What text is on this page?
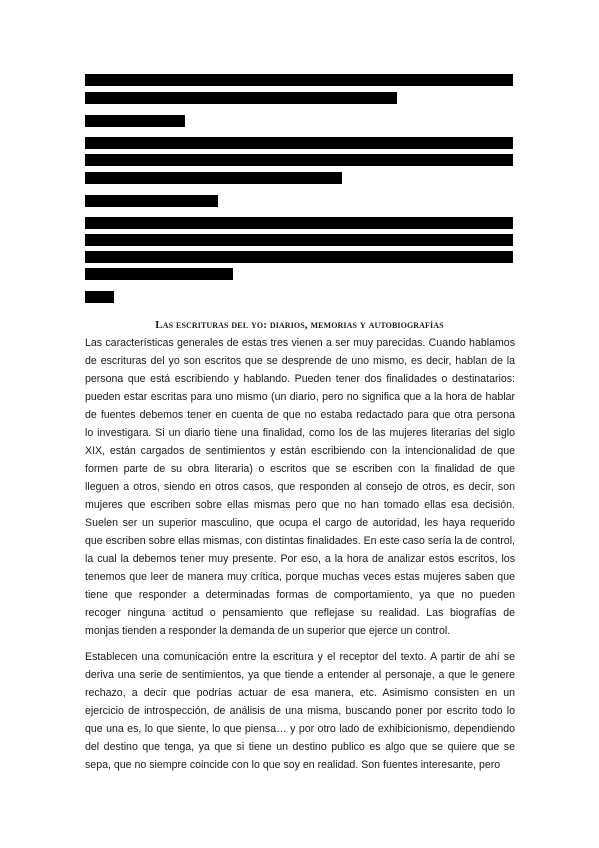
Las escrituras del yo: diarios, memorias y autobiografías

Las características generales de estas tres vienen a ser muy parecidas. Cuando hablamos
de escrituras del yo son escritos que se desprende de uno mismo, es decir, hablan de la
persona que está escribiendo y hablando. Pueden tener dos finalidades o destinatarios:
pueden estar escritas para uno mismo (un diario, pero no significa que a la hora de hablar
de fuentes debemos tener en cuenta de que no estaba redactado para que otra persona
lo investigara. Si un diario tiene una finalidad, como los de las mujeres literarias del siglo
XIX, están cargados de sentimientos y están escribiendo con la intencionalidad de que
formen parte de su obra literaria) o escritos que se escriben con la finalidad de que
lleguen a otros, siendo en otros casos, que responden al consejo de otros, es decir, son
mujeres que escriben sobre ellas mismas pero que no han tomado ellas esa decisión.
Suelen ser un superior masculino, que ocupa el cargo de autoridad, les haya requerido
que escriben sobre ellas mismas, con distintas finalidades. En este caso sería la de control,
la cual la debemos tener muy presente. Por eso, a la hora de analizar estos escritos, los
tenemos que leer de manera muy crítica, porque muchas veces estas mujeres saben que
tiene que responder a determinadas formas de comportamiento, ya que no pueden
recoger ninguna actitud o pensamiento que reflejase su realidad. Las biografías de
monjas tienden a responder la demanda de un superior que ejerce un control.

Establecen una comunicación entre la escritura y el receptor del texto. A partir de ahí se
deriva una serie de sentimientos, ya que tiende a entender al personaje, a que le genere
rechazo, a decir que podrías actuar de esa manera, etc. Asimismo consisten en un
ejercicio de introspección, de análisis de una misma, buscando poner por escrito todo lo
que una es, lo que siente, lo que piensa… y por otro lado de exhibicionismo, dependiendo
del destino que tenga, ya que si tiene un destino publico es algo que se quiere que se
sepa, que no siempre coincide con lo que soy en realidad. Son fuentes interesante, pero
